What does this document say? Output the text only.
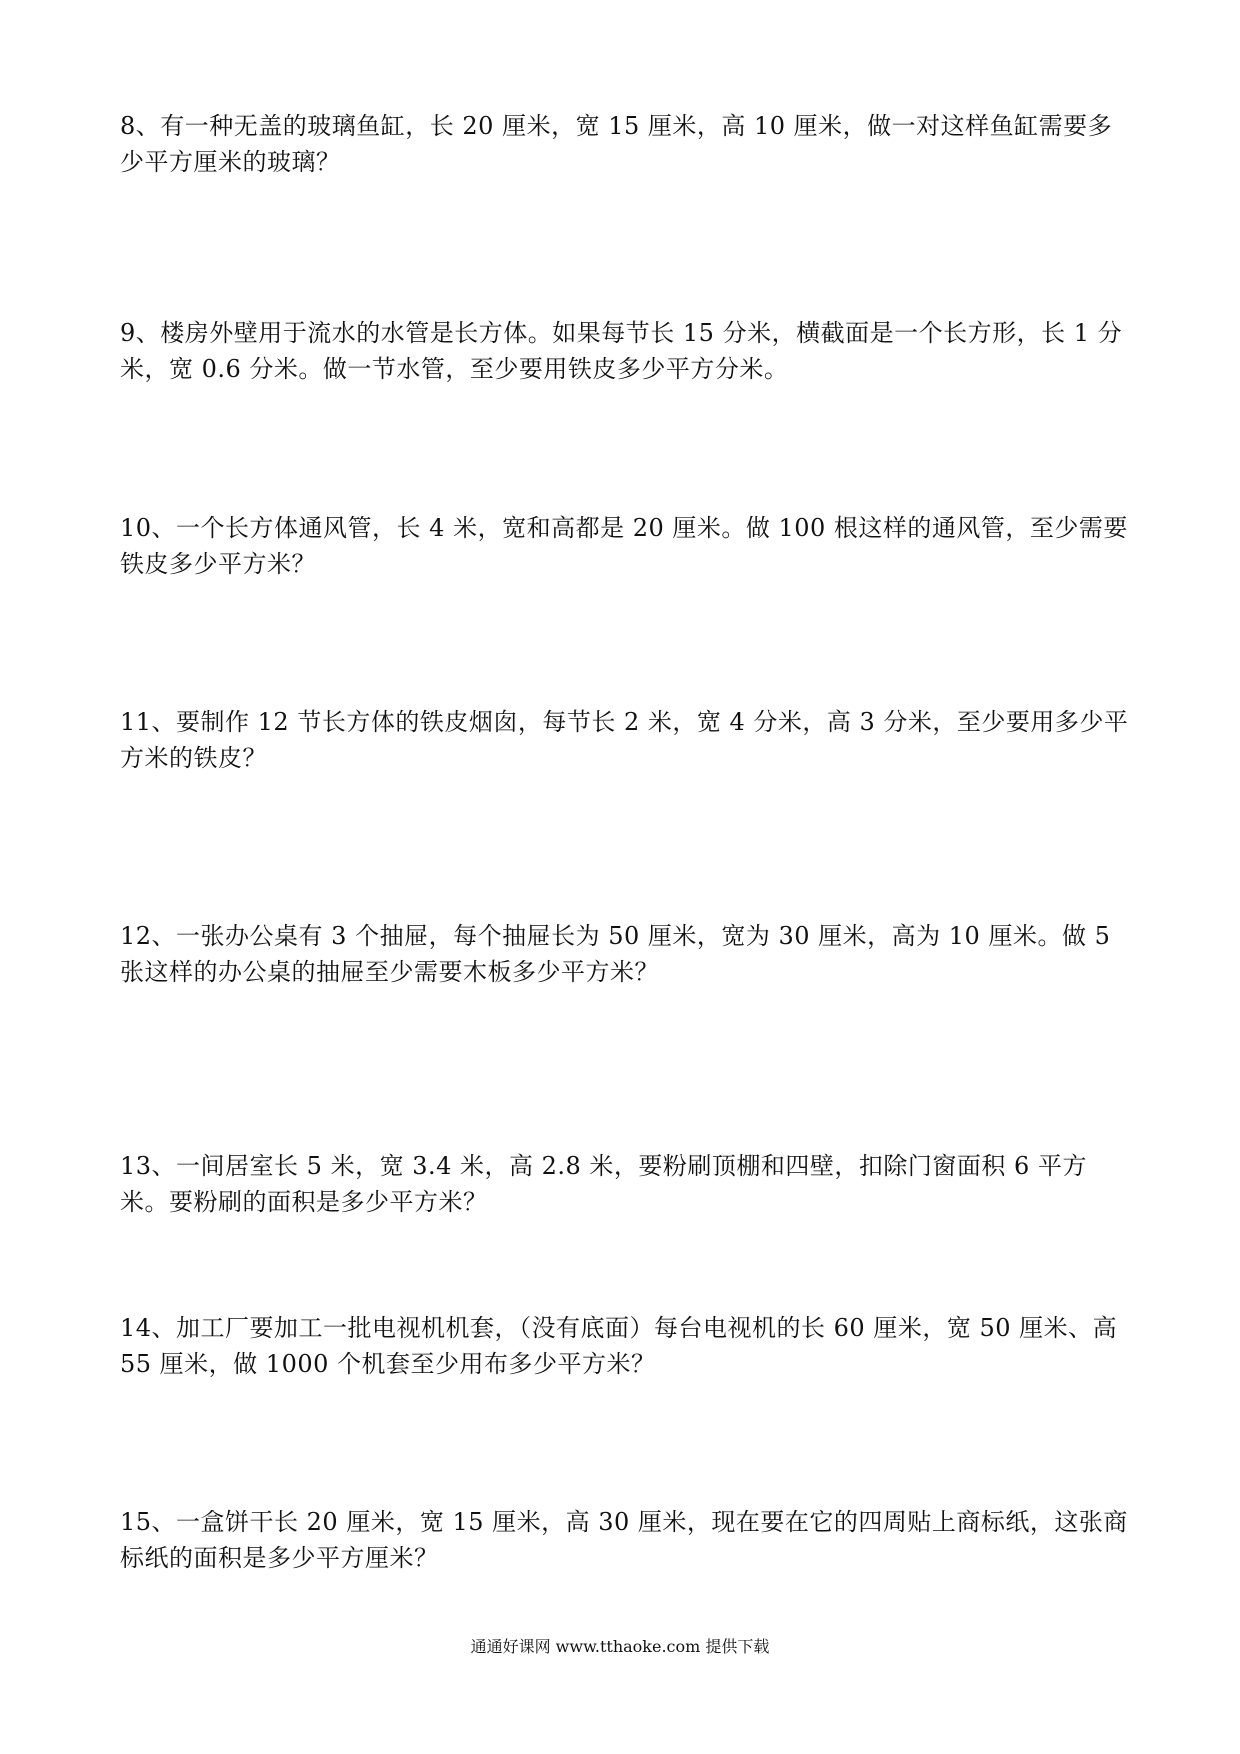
8、有一种无盖的玻璃鱼缸，长 20 厘米，宽 15 厘米，高 10 厘米，做一对这样鱼缸需要多少平方厘米的玻璃？

9、楼房外壁用于流水的水管是长方体。如果每节长 15 分米，横截面是一个长方形，长 1 分米，宽 0.6 分米。做一节水管，至少要用铁皮多少平方分米。

10、一个长方体通风管，长 4 米，宽和高都是 20 厘米。做 100 根这样的通风管，至少需要铁皮多少平方米？

11、要制作 12 节长方体的铁皮烟囱，每节长 2 米，宽 4 分米，高 3 分米，至少要用多少平方米的铁皮？

12、一张办公桌有 3 个抽屉，每个抽屉长为 50 厘米，宽为 30 厘米，高为 10 厘米。做 5 张这样的办公桌的抽屉至少需要木板多少平方米？

13、一间居室长 5 米，宽 3.4 米，高 2.8 米，要粉刷顶棚和四壁，扣除门窗面积 6 平方米。要粉刷的面积是多少平方米？

14、加工厂要加工一批电视机机套，（没有底面）每台电视机的长 60 厘米，宽 50 厘米、高 55 厘米，做 1000 个机套至少用布多少平方米？

15、一盒饼干长 20 厘米，宽 15 厘米，高 30 厘米，现在要在它的四周贴上商标纸，这张商标纸的面积是多少平方厘米？

通通好课网 www.tthaoke.com 提供下载
